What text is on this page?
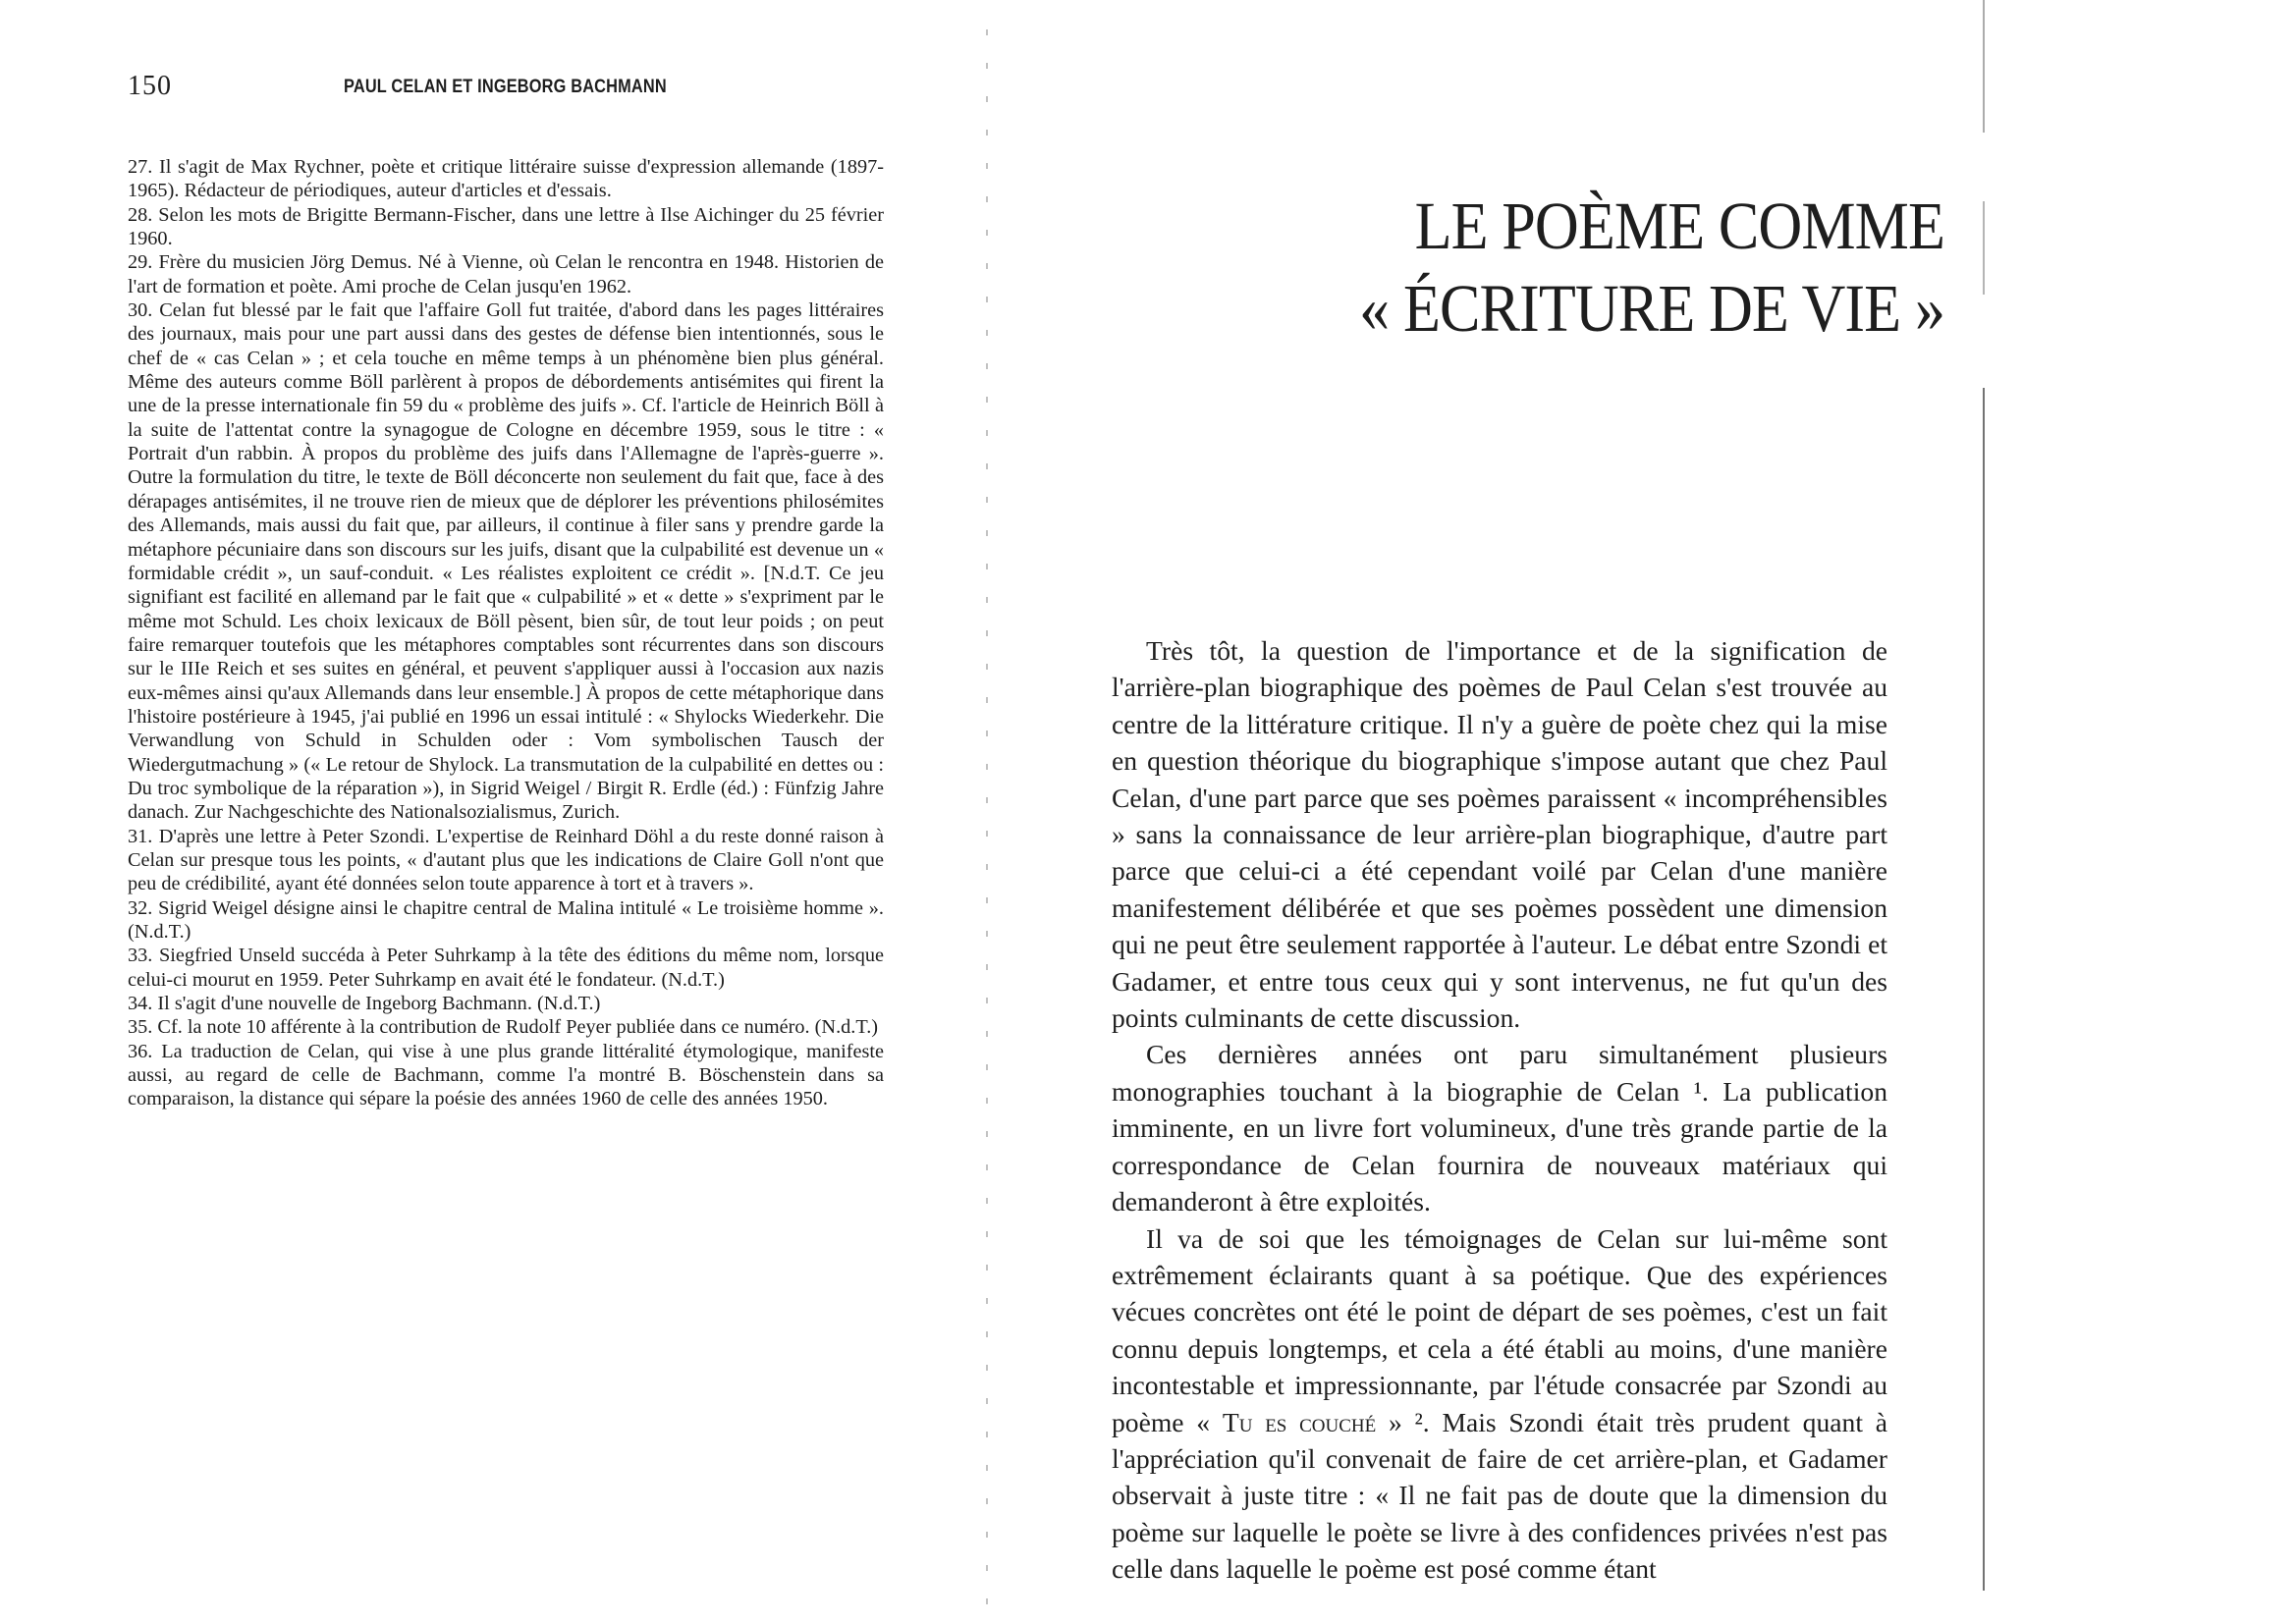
150	PAUL CELAN ET INGEBORG BACHMANN

27. Il s'agit de Max Rychner, poète et critique littéraire suisse d'expression allemande (1897-1965). Rédacteur de périodiques, auteur d'articles et d'essais.

28. Selon les mots de Brigitte Bermann-Fischer, dans une lettre à Ilse Aichinger du 25 février 1960.

29. Frère du musicien Jörg Demus. Né à Vienne, où Celan le rencontra en 1948. Historien de l'art de formation et poète. Ami proche de Celan jusqu'en 1962.

30. Celan fut blessé par le fait que l'affaire Goll fut traitée, d'abord dans les pages littéraires des journaux, mais pour une part aussi dans des gestes de défense bien intentionnés, sous le chef de « cas Celan » ; et cela touche en même temps à un phénomène bien plus général. Même des auteurs comme Böll parlèrent à propos de débordements antisémites qui firent la une de la presse internationale fin 59 du « problème des juifs ». Cf. l'article de Heinrich Böll à la suite de l'attentat contre la synagogue de Cologne en décembre 1959, sous le titre : « Portrait d'un rabbin. À propos du problème des juifs dans l'Allemagne de l'après-guerre ». Outre la formulation du titre, le texte de Böll déconcerte non seulement du fait que, face à des dérapages antisémites, il ne trouve rien de mieux que de déplorer les préventions philosémites des Allemands, mais aussi du fait que, par ailleurs, il continue à filer sans y prendre garde la métaphore pécuniaire dans son discours sur les juifs, disant que la culpabilité est devenue un « formidable crédit », un sauf-conduit. « Les réalistes exploitent ce crédit ». [N.d.T. Ce jeu signifiant est facilité en allemand par le fait que « culpabilité » et « dette » s'expriment par le même mot Schuld. Les choix lexicaux de Böll pèsent, bien sûr, de tout leur poids ; on peut faire remarquer toutefois que les métaphores comptables sont récurrentes dans son discours sur le IIIe Reich et ses suites en général, et peuvent s'appliquer aussi à l'occasion aux nazis eux-mêmes ainsi qu'aux Allemands dans leur ensemble.] À propos de cette métaphorique dans l'histoire postérieure à 1945, j'ai publié en 1996 un essai intitulé : « Shylocks Wiederkehr. Die Verwandlung von Schuld in Schulden oder : Vom symbolischen Tausch der Wiedergutmachung » (« Le retour de Shylock. La transmutation de la culpabilité en dettes ou : Du troc symbolique de la réparation »), in Sigrid Weigel / Birgit R. Erdle (éd.) : Fünfzig Jahre danach. Zur Nachgeschichte des Nationalsozialismus, Zurich.

31. D'après une lettre à Peter Szondi. L'expertise de Reinhard Döhl a du reste donné raison à Celan sur presque tous les points, « d'autant plus que les indications de Claire Goll n'ont que peu de crédibilité, ayant été données selon toute apparence à tort et à travers ».

32. Sigrid Weigel désigne ainsi le chapitre central de Malina intitulé « Le troisième homme ». (N.d.T.)

33. Siegfried Unseld succéda à Peter Suhrkamp à la tête des éditions du même nom, lorsque celui-ci mourut en 1959. Peter Suhrkamp en avait été le fondateur. (N.d.T.)

34. Il s'agit d'une nouvelle de Ingeborg Bachmann. (N.d.T.)

35. Cf. la note 10 afférente à la contribution de Rudolf Peyer publiée dans ce numéro. (N.d.T.)

36. La traduction de Celan, qui vise à une plus grande littéralité étymologique, manifeste aussi, au regard de celle de Bachmann, comme l'a montré B. Böschenstein dans sa comparaison, la distance qui sépare la poésie des années 1960 de celle des années 1950.

LE POÈME COMME
« ÉCRITURE DE VIE »

Très tôt, la question de l'importance et de la signification de l'arrière-plan biographique des poèmes de Paul Celan s'est trouvée au centre de la littérature critique. Il n'y a guère de poète chez qui la mise en question théorique du biographique s'impose autant que chez Paul Celan, d'une part parce que ses poèmes paraissent « incompréhensibles » sans la connaissance de leur arrière-plan biographique, d'autre part parce que celui-ci a été cependant voilé par Celan d'une manière manifestement délibérée et que ses poèmes possèdent une dimension qui ne peut être seulement rapportée à l'auteur. Le débat entre Szondi et Gadamer, et entre tous ceux qui y sont intervenus, ne fut qu'un des points culminants de cette discussion.

Ces dernières années ont paru simultanément plusieurs monographies touchant à la biographie de Celan ¹. La publication imminente, en un livre fort volumineux, d'une très grande partie de la correspondance de Celan fournira de nouveaux matériaux qui demanderont à être exploités.

Il va de soi que les témoignages de Celan sur lui-même sont extrêmement éclairants quant à sa poétique. Que des expériences vécues concrètes ont été le point de départ de ses poèmes, c'est un fait connu depuis longtemps, et cela a été établi au moins, d'une manière incontestable et impressionnante, par l'étude consacrée par Szondi au poème « Tu es couché » ². Mais Szondi était très prudent quant à l'appréciation qu'il convenait de faire de cet arrière-plan, et Gadamer observait à juste titre : « Il ne fait pas de doute que la dimension du poème sur laquelle le poète se livre à des confidences privées n'est pas celle dans laquelle le poème est posé comme étant
